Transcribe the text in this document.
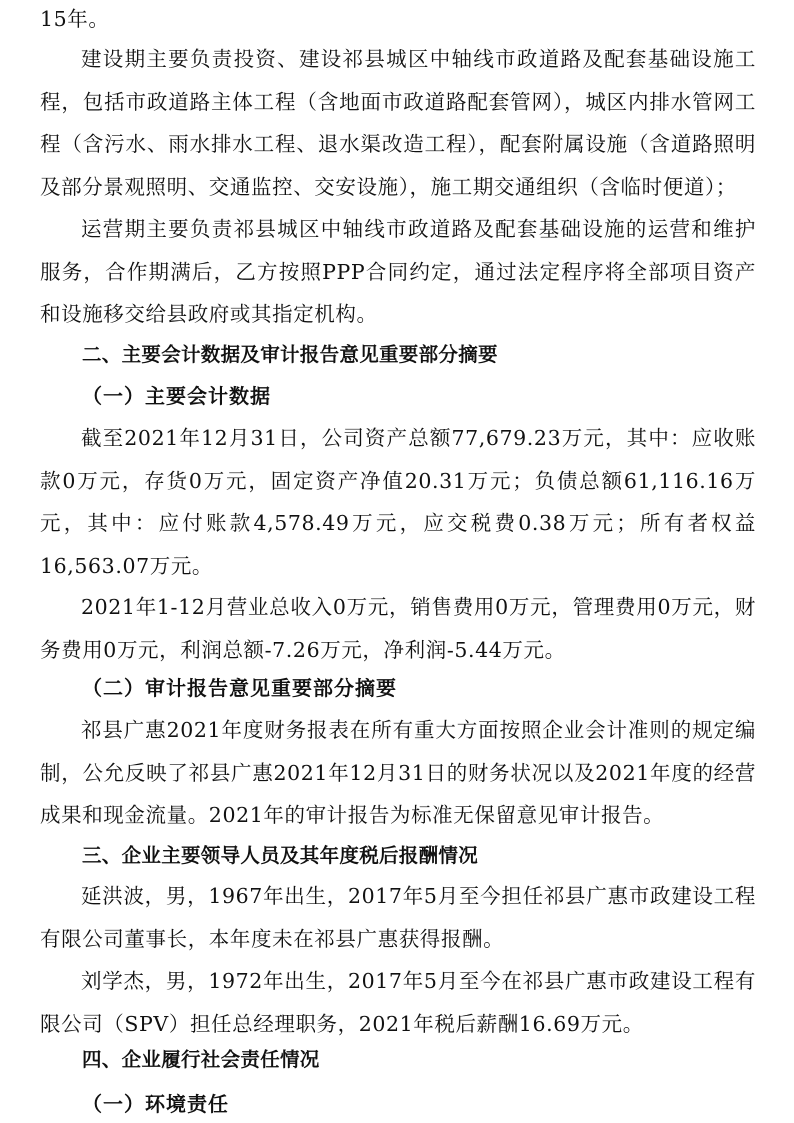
15年。

建设期主要负责投资、建设祁县城区中轴线市政道路及配套基础设施工程，包括市政道路主体工程（含地面市政道路配套管网），城区内排水管网工程（含污水、雨水排水工程、退水渠改造工程），配套附属设施（含道路照明及部分景观照明、交通监控、交安设施），施工期交通组织（含临时便道）；

运营期主要负责祁县城区中轴线市政道路及配套基础设施的运营和维护服务，合作期满后，乙方按照PPP合同约定，通过法定程序将全部项目资产和设施移交给县政府或其指定机构。

二、主要会计数据及审计报告意见重要部分摘要
（一）主要会计数据

截至2021年12月31日，公司资产总额77,679.23万元，其中：应收账款0万元，存货0万元，固定资产净值20.31万元；负债总额61,116.16万元，其中：应付账款4,578.49万元，应交税费0.38万元；所有者权益16,563.07万元。

2021年1-12月营业总收入0万元，销售费用0万元，管理费用0万元，财务费用0万元，利润总额-7.26万元，净利润-5.44万元。

（二）审计报告意见重要部分摘要

祁县广惠2021年度财务报表在所有重大方面按照企业会计准则的规定编制，公允反映了祁县广惠2021年12月31日的财务状况以及2021年度的经营成果和现金流量。2021年的审计报告为标准无保留意见审计报告。

三、企业主要领导人员及其年度税后报酬情况

延洪波，男，1967年出生，2017年5月至今担任祁县广惠市政建设工程有限公司董事长，本年度未在祁县广惠获得报酬。

刘学杰，男，1972年出生，2017年5月至今在祁县广惠市政建设工程有限公司（SPV）担任总经理职务，2021年税后薪酬16.69万元。

四、企业履行社会责任情况
（一）环境责任
